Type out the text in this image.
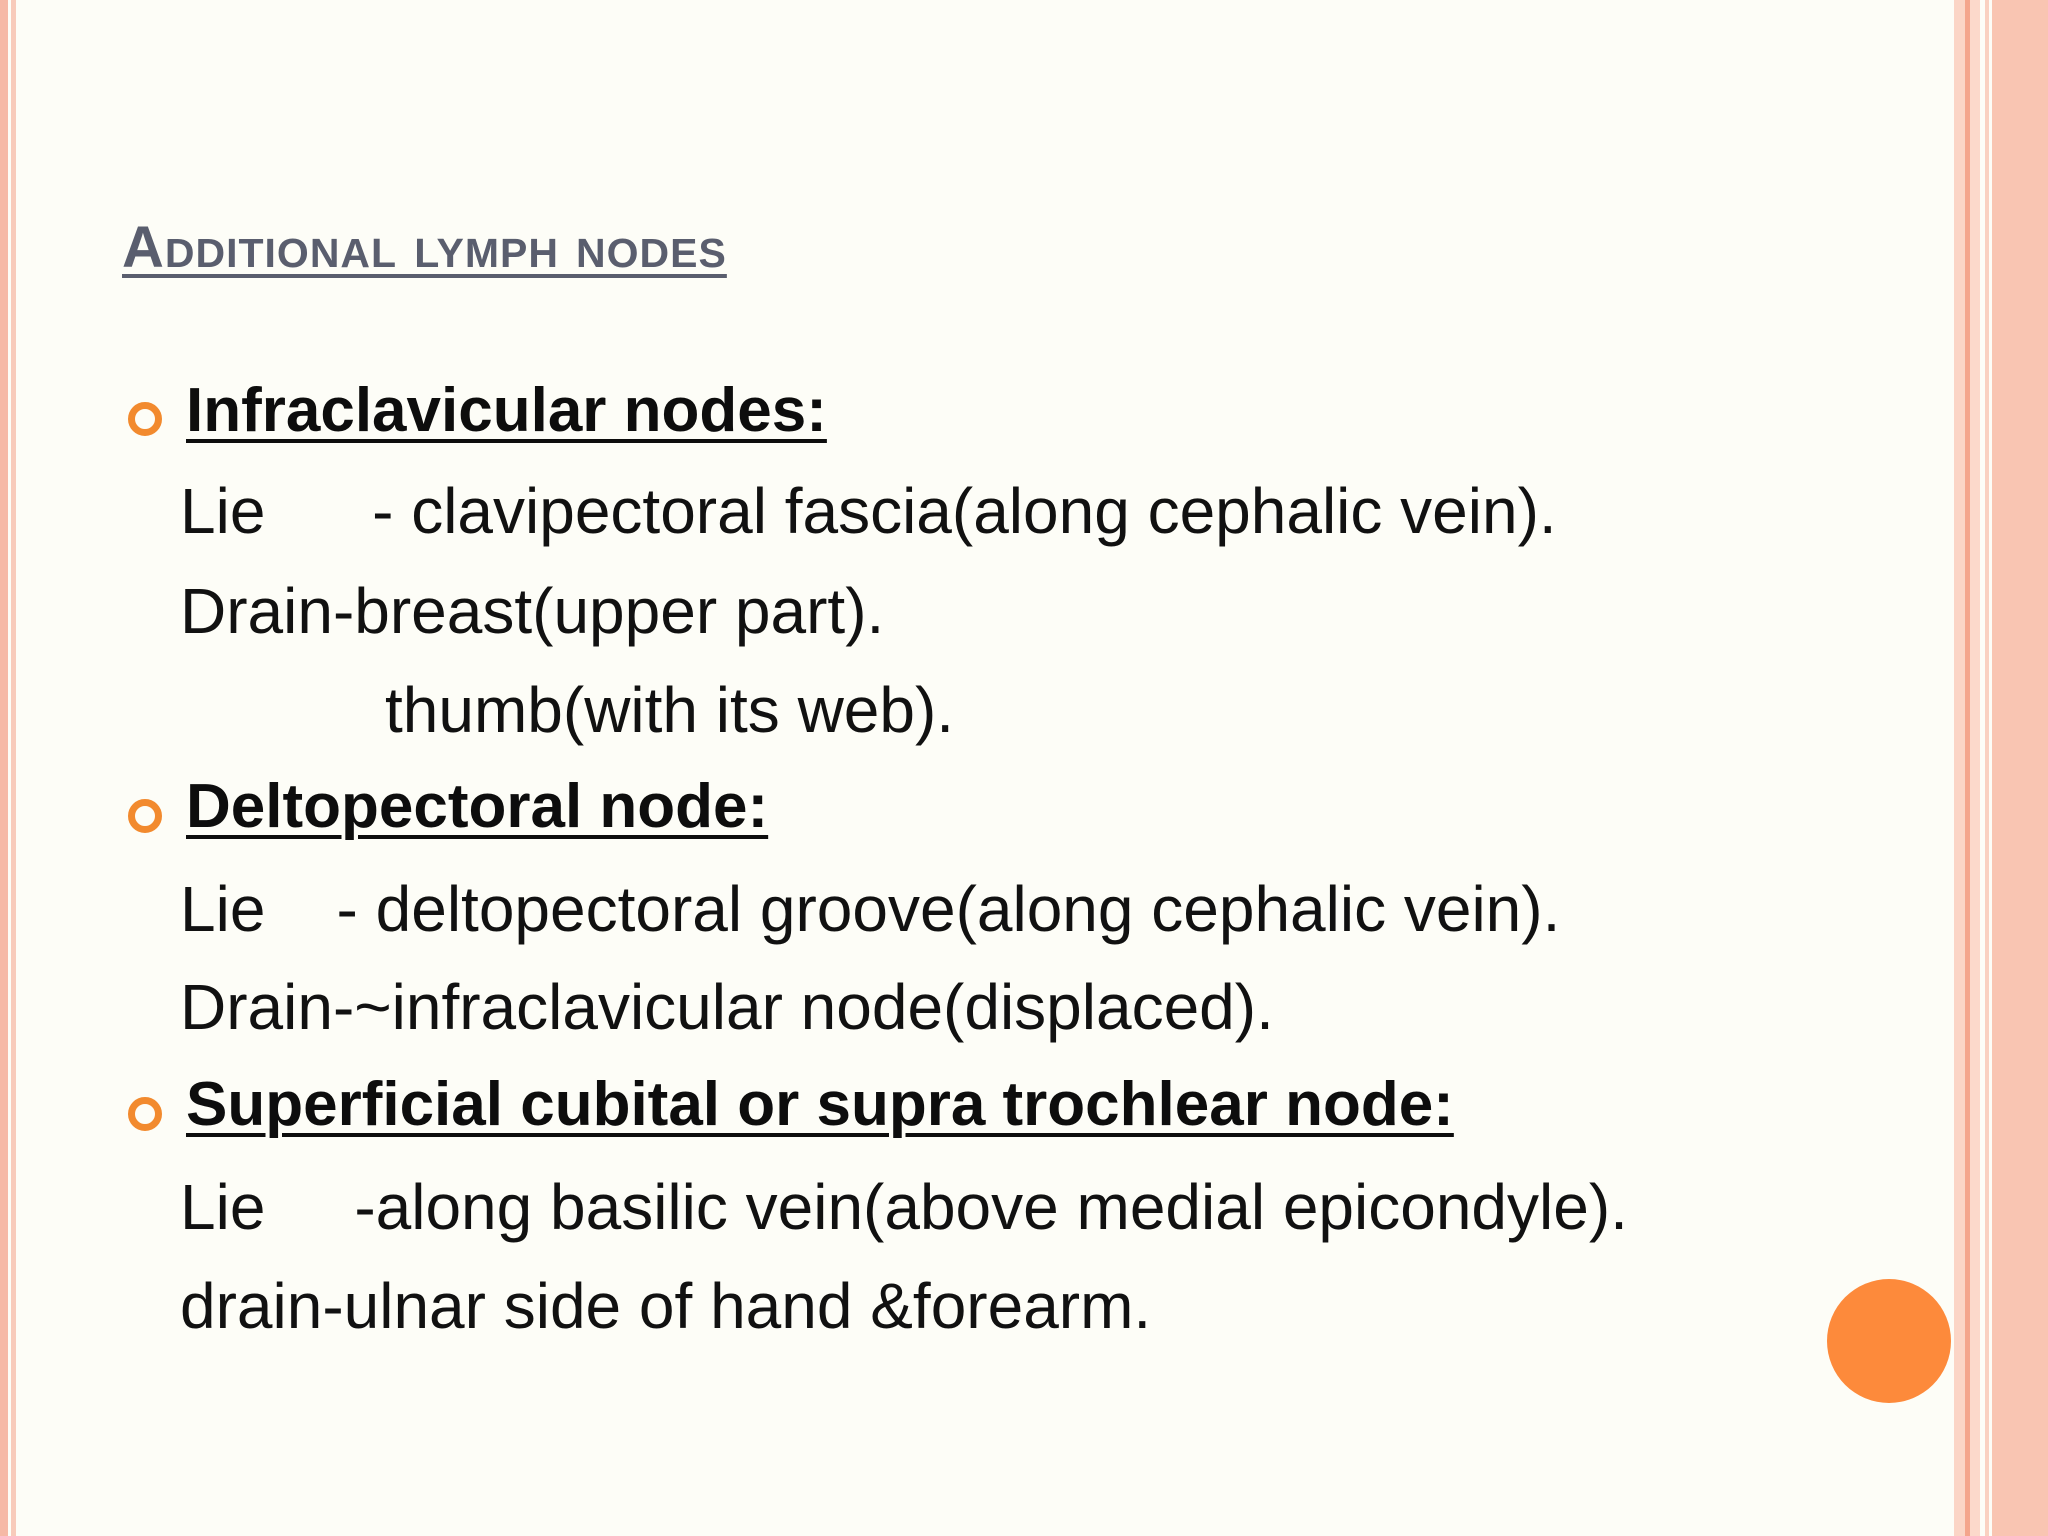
Additional lymph nodes
Infraclavicular nodes:
Lie      - clavipectoral fascia(along cephalic vein).
Drain-breast(upper part).
thumb(with its web).
Deltopectoral node:
Lie    - deltopectoral groove(along cephalic vein).
Drain-~infraclavicular node(displaced).
Superficial cubital or supra trochlear node:
Lie     -along basilic vein(above medial epicondyle).
drain-ulnar side of hand &forearm.
